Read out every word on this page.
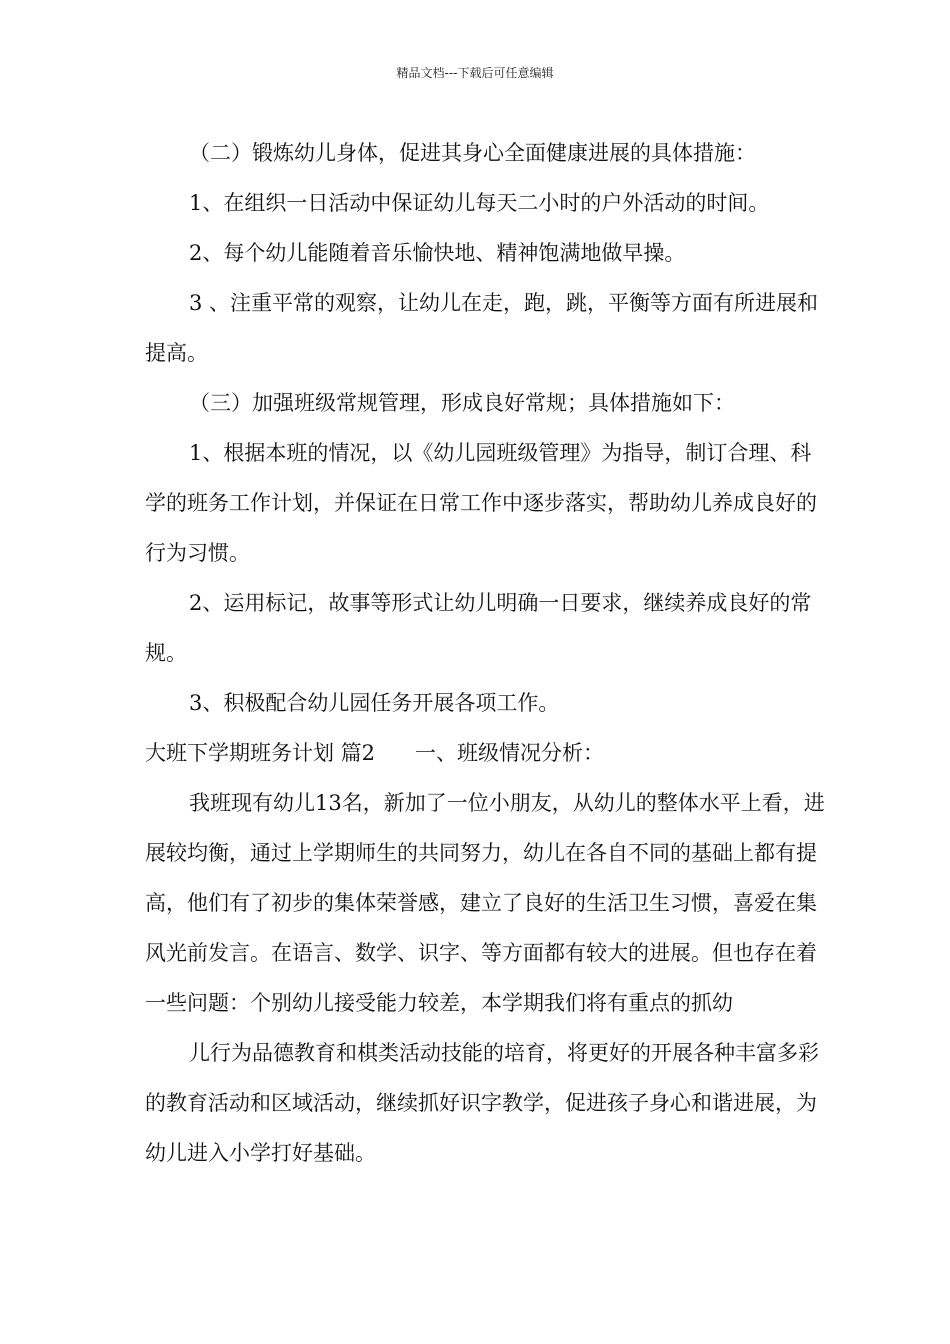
精品文档---下载后可任意编辑

（二）锻炼幼儿身体，促进其身心全面健康进展的具体措施：

1、在组织一日活动中保证幼儿每天二小时的户外活动的时间。

2、每个幼儿能随着音乐愉快地、精神饱满地做早操。

3 、注重平常的观察，让幼儿在走，跑，跳，平衡等方面有所进展和提高。

（三）加强班级常规管理，形成良好常规；具体措施如下：

1、根据本班的情况，以《幼儿园班级管理》为指导，制订合理、科学的班务工作计划，并保证在日常工作中逐步落实，帮助幼儿养成良好的行为习惯。

2、运用标记，故事等形式让幼儿明确一日要求，继续养成良好的常规。

3、积极配合幼儿园任务开展各项工作。

大班下学期班务计划 篇2 一、班级情况分析：

我班现有幼儿13名，新加了一位小朋友，从幼儿的整体水平上看，进展较均衡，通过上学期师生的共同努力，幼儿在各自不同的基础上都有提高，他们有了初步的集体荣誉感，建立了良好的生活卫生习惯，喜爱在集风光前发言。在语言、数学、识字、等方面都有较大的进展。但也存在着一些问题：个别幼儿接受能力较差，本学期我们将有重点的抓幼

儿行为品德教育和棋类活动技能的培育，将更好的开展各种丰富多彩的教育活动和区域活动，继续抓好识字教学，促进孩子身心和谐进展，为幼儿进入小学打好基础。
